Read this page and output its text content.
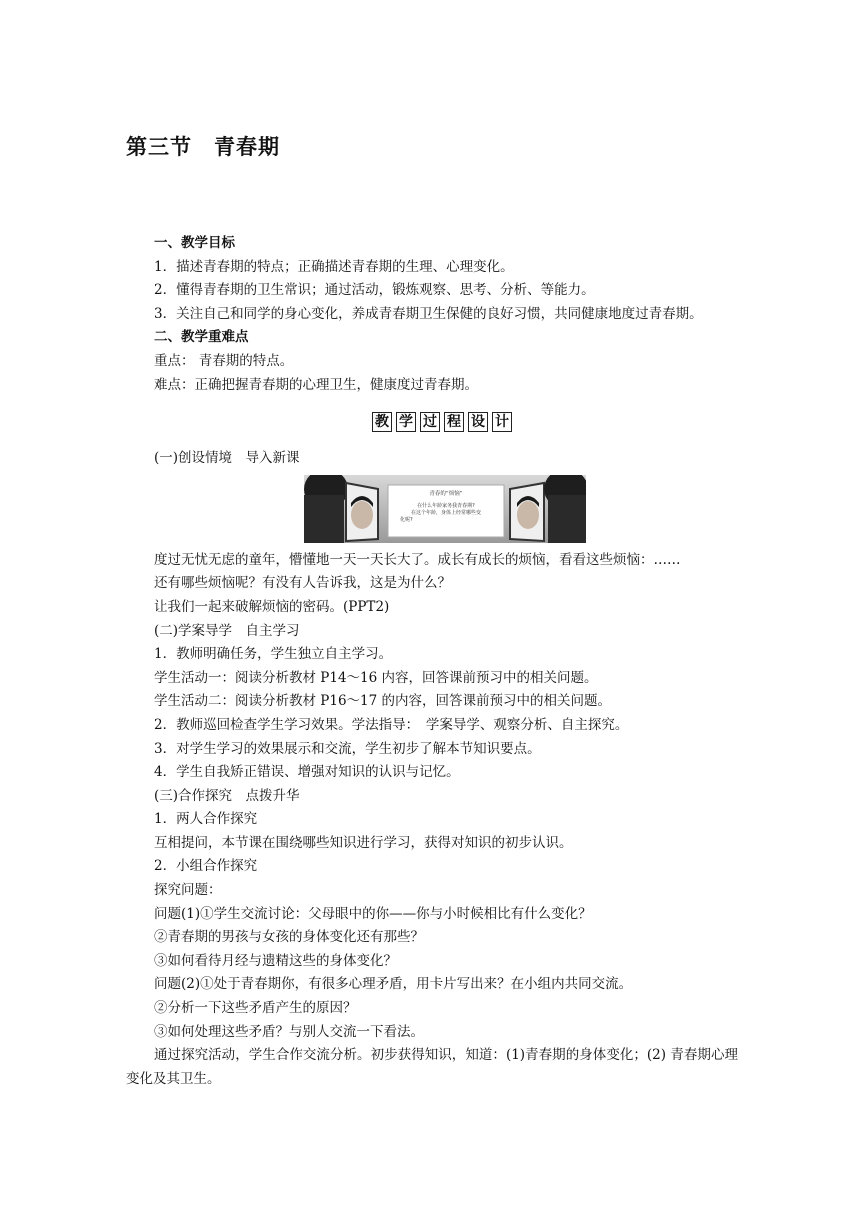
第三节　青春期

一、教学目标

1．描述青春期的特点；正确描述青春期的生理、心理变化。

2．懂得青春期的卫生常识；通过活动，锻炼观察、思考、分析、等能力。

3．关注自己和同学的身心变化，养成青春期卫生保健的良好习惯，共同健康地度过青春期。

二、教学重难点

重点： 青春期的特点。

难点：正确把握青春期的心理卫生，健康度过青春期。

教 学 过 程 设 计

(一)创设情境　导入新课

青春的“烦恼”
在什么年龄家务我青春期?
在这个年龄，身体上经常哪些变
化呢?

度过无忧无虑的童年，懵懂地一天一天长大了。成长有成长的烦恼，看看这些烦恼：……

还有哪些烦恼呢？有没有人告诉我，这是为什么？

让我们一起来破解烦恼的密码。(PPT2)

(二)学案导学　自主学习

1．教师明确任务，学生独立自主学习。

学生活动一：阅读分析教材 P14～16 内容，回答课前预习中的相关问题。

学生活动二：阅读分析教材 P16～17 的内容，回答课前预习中的相关问题。

2．教师巡回检查学生学习效果。学法指导：　学案导学、观察分析、自主探究。

3．对学生学习的效果展示和交流，学生初步了解本节知识要点。

4．学生自我矫正错误、增强对知识的认识与记忆。

(三)合作探究　点拨升华

1．两人合作探究

互相提问，本节课在围绕哪些知识进行学习，获得对知识的初步认识。

2．小组合作探究

探究问题：

问题(1)①学生交流讨论：父母眼中的你——你与小时候相比有什么变化？

②青春期的男孩与女孩的身体变化还有那些？

③如何看待月经与遗精这些的身体变化？

问题(2)①处于青春期你，有很多心理矛盾，用卡片写出来？在小组内共同交流。

②分析一下这些矛盾产生的原因？

③如何处理这些矛盾？与别人交流一下看法。

通过探究活动，学生合作交流分析。初步获得知识，知道：(1)青春期的身体变化；(2) 青春期心理变化及其卫生。
